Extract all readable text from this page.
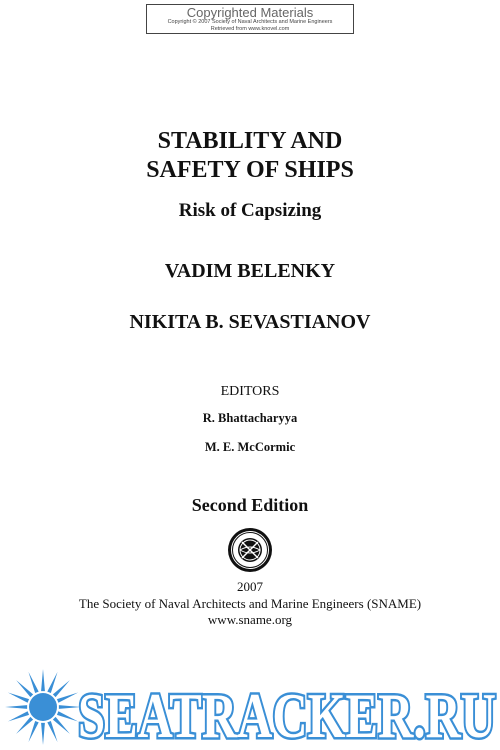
Copyrighted Materials
Copyright © 2007 Society of Naval Architects and Marine Engineers
Retrieved from www.knovel.com
STABILITY AND
SAFETY OF SHIPS
Risk of Capsizing
VADIM BELENKY
NIKITA B. SEVASTIANOV
EDITORS
R. Bhattacharyya
M. E. McCormic
Second Edition
2007
The Society of Naval Architects and Marine Engineers (SNAME)
www.sname.org
SEATRACKER.RU
